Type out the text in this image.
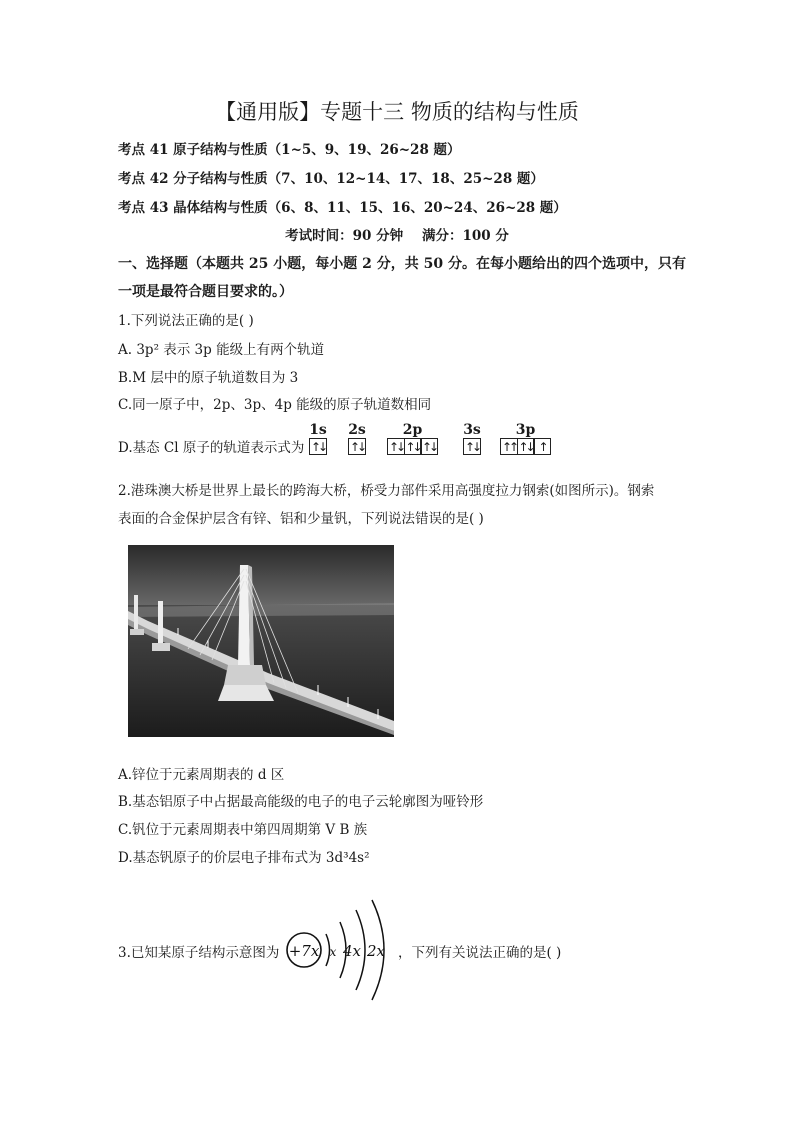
【通用版】专题十三 物质的结构与性质
考点 41 原子结构与性质（1~5、9、19、26~28 题）
考点 42 分子结构与性质（7、10、12~14、17、18、25~28 题）
考点 43 晶体结构与性质（6、8、11、15、16、20~24、26~28 题）
考试时间：90 分钟    满分：100 分
一、选择题（本题共 25 小题，每小题 2 分，共 50 分。在每小题给出的四个选项中，只有
一项是最符合题目要求的。）
1.下列说法正确的是( )
A. 3p² 表示 3p 能级上有两个轨道
B.M 层中的原子轨道数目为 3
C.同一原子中，2p、3p、4p 能级的原子轨道数相同
D.基态 Cl 原子的轨道表示式为
1s
↑↓
2s
↑↓
2p
↑↓ ↑↓ ↑↓
3s
↑↓
3p
↑↑ ↑↓ ↑
2.港珠澳大桥是世界上最长的跨海大桥，桥受力部件采用高强度拉力钢索(如图所示)。钢索
表面的合金保护层含有锌、铝和少量钒，下列说法错误的是( )
A.锌位于元素周期表的 d 区
B.基态铝原子中占据最高能级的电子的电子云轮廓图为哑铃形
C.钒位于元素周期表中第四周期第 V B 族
D.基态钒原子的价层电子排布式为 3d³4s²
3.已知某原子结构示意图为 +7x x 4x 2x ，下列有关说法正确的是( )
